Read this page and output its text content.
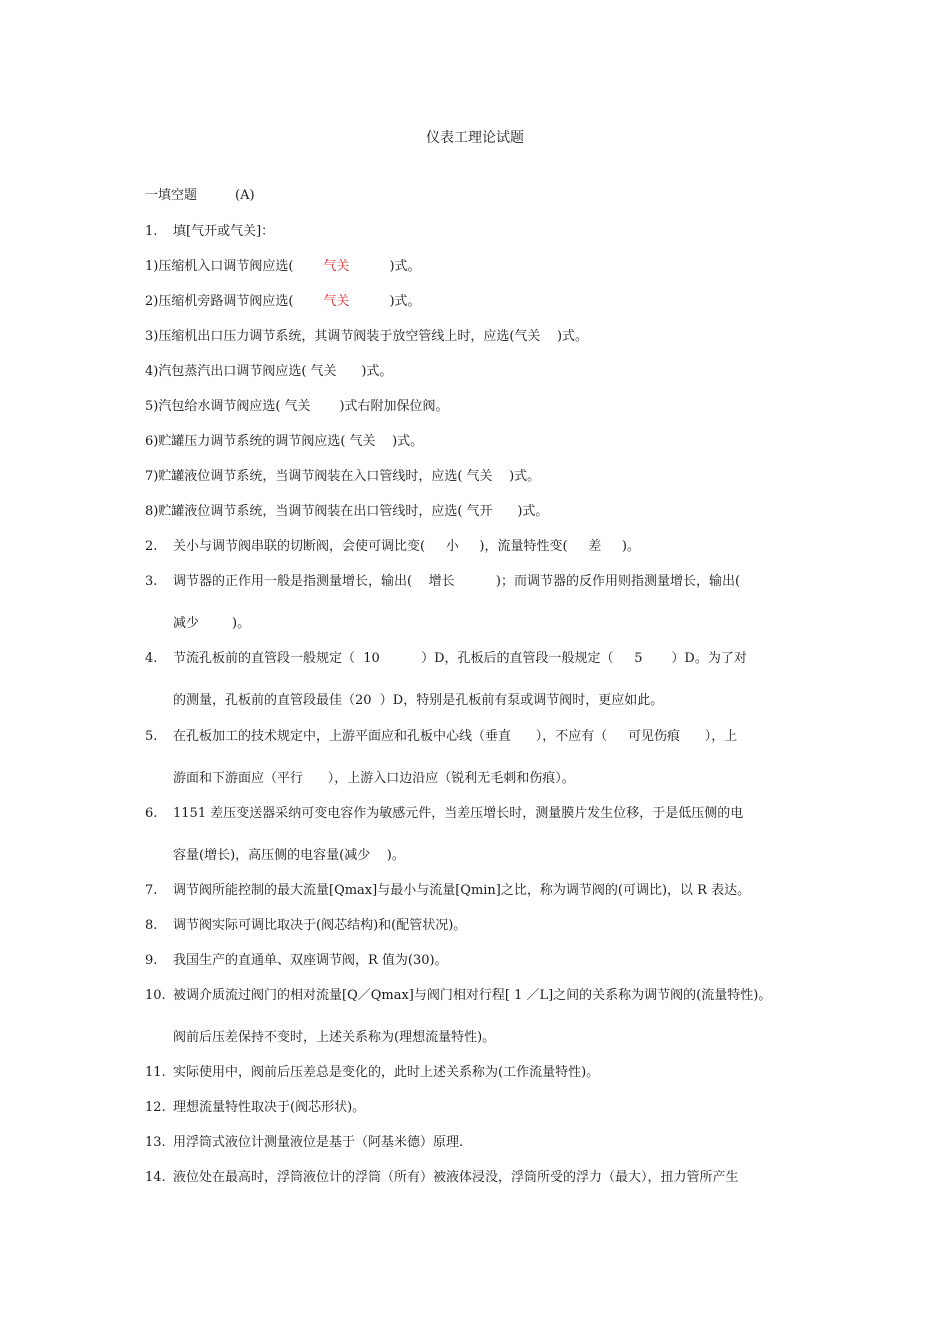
仪表工理论试题
一填空题	(A)
1. 填[气开或气关]：
1)压缩机入口调节阀应选( 气关	)式。
2)压缩机旁路调节阀应选( 气关	)式。
3)压缩机出口压力调节系统，其调节阀装于放空管线上时，应选(气关    )式。
4)汽包蒸汽出口调节阀应选( 气关      )式。
5)汽包给水调节阀应选( 气关       )式右附加保位阀。
6)贮罐压力调节系统的调节阀应选( 气关    )式。
7)贮罐液位调节系统，当调节阀装在入口管线时，应选( 气关    )式。
8)贮罐液位调节系统，当调节阀装在出口管线时，应选( 气开      )式。
2. 关小与调节阀串联的切断阀，会使可调比变(     小     )，流量特性变(     差     )。
3. 调节器的正作用一般是指测量增长，输出(    增长          )；而调节器的反作用则指测量增长，输出(
减少        )。
4. 节流孔板前的直管段一般规定（  10          ）D，孔板后的直管段一般规定（     5       ）D。为了对
的测量，孔板前的直管段最佳（20  ）D，特别是孔板前有泵或调节阀时，更应如此。
5. 在孔板加工的技术规定中，上游平面应和孔板中心线（垂直      ），不应有（     可见伤痕      ），上
游面和下游面应（平行      ），上游入口边沿应（锐利无毛刺和伤痕）。
6. 1151 差压变送器采纳可变电容作为敏感元件，当差压增长时，测量膜片发生位移，于是低压侧的电
容量(增长)，高压侧的电容量(减少    )。
7. 调节阀所能控制的最大流量[Qmax]与最小与流量[Qmin]之比，称为调节阀的(可调比)，以 R 表达。
8. 调节阀实际可调比取决于(阀芯结构)和(配管状况)。
9. 我国生产的直通单、双座调节阀，R 值为(30)。
10. 被调介质流过阀门的相对流量[Q／Qmax]与阀门相对行程[ 1 ／L]之间的关系称为调节阀的(流量特性)。
阀前后压差保持不变时，上述关系称为(理想流量特性)。
11. 实际使用中，阀前后压差总是变化的，此时上述关系称为(工作流量特性)。
12. 理想流量特性取决于(阀芯形状)。
13. 用浮筒式液位计测量液位是基于（阿基米德）原理.
14. 液位处在最高时，浮筒液位计的浮筒（所有）被液体浸没，浮筒所受的浮力（最大），扭力管所产生
